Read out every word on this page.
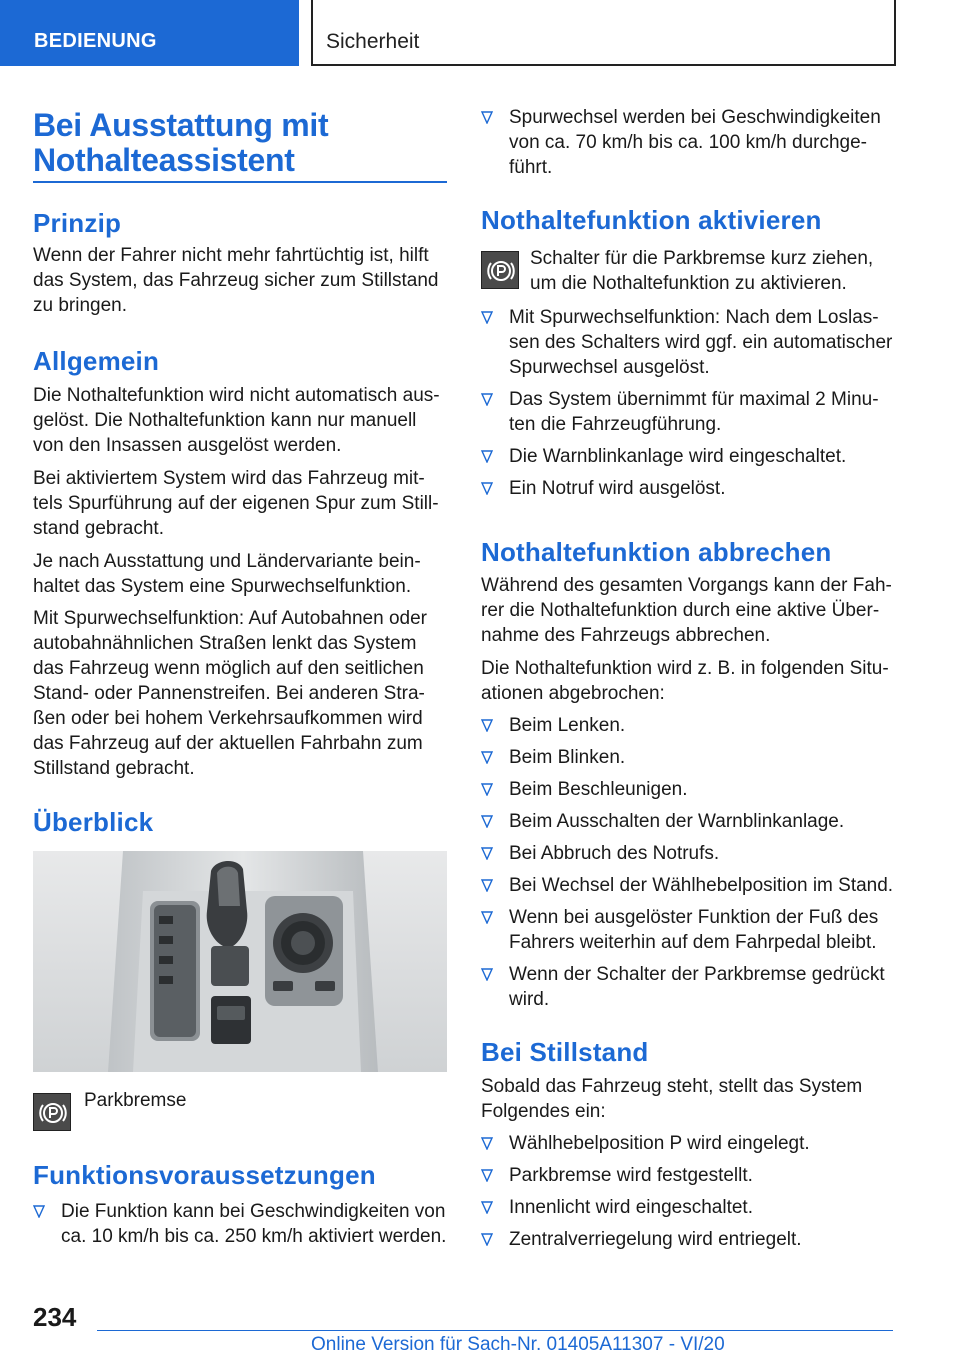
BEDIENUNG	Sicherheit
Bei Ausstattung mit
Nothalteassistent
Prinzip
Wenn der Fahrer nicht mehr fahrtüchtig ist, hilft
das System, das Fahrzeug sicher zum Stillstand
zu bringen.
Allgemein
Die Nothaltefunktion wird nicht automatisch aus-
gelöst. Die Nothaltefunktion kann nur manuell
von den Insassen ausgelöst werden.
Bei aktiviertem System wird das Fahrzeug mit-
tels Spurführung auf der eigenen Spur zum Still-
stand gebracht.
Je nach Ausstattung und Ländervariante bein-
haltet das System eine Spurwechselfunktion.
Mit Spurwechselfunktion: Auf Autobahnen oder
autobahnähnlichen Straßen lenkt das System
das Fahrzeug wenn möglich auf den seitlichen
Stand- oder Pannenstreifen. Bei anderen Stra-
ßen oder bei hohem Verkehrsaufkommen wird
das Fahrzeug auf der aktuellen Fahrbahn zum
Stillstand gebracht.
Überblick
Parkbremse
Funktionsvoraussetzungen
Die Funktion kann bei Geschwindigkeiten von
ca. 10 km/h bis ca. 250 km/h aktiviert werden.
Spurwechsel werden bei Geschwindigkeiten
von ca. 70 km/h bis ca. 100 km/h durchge-
führt.
Nothaltefunktion aktivieren
Schalter für die Parkbremse kurz ziehen,
um die Nothaltefunktion zu aktivieren.
Mit Spurwechselfunktion: Nach dem Loslas-
sen des Schalters wird ggf. ein automatischer
Spurwechsel ausgelöst.
Das System übernimmt für maximal 2 Minu-
ten die Fahrzeugführung.
Die Warnblinkanlage wird eingeschaltet.
Ein Notruf wird ausgelöst.
Nothaltefunktion abbrechen
Während des gesamten Vorgangs kann der Fah-
rer die Nothaltefunktion durch eine aktive Über-
nahme des Fahrzeugs abbrechen.
Die Nothaltefunktion wird z. B. in folgenden Situ-
ationen abgebrochen:
Beim Lenken.
Beim Blinken.
Beim Beschleunigen.
Beim Ausschalten der Warnblinkanlage.
Bei Abbruch des Notrufs.
Bei Wechsel der Wählhebelposition im Stand.
Wenn bei ausgelöster Funktion der Fuß des
Fahrers weiterhin auf dem Fahrpedal bleibt.
Wenn der Schalter der Parkbremse gedrückt
wird.
Bei Stillstand
Sobald das Fahrzeug steht, stellt das System
Folgendes ein:
Wählhebelposition P wird eingelegt.
Parkbremse wird festgestellt.
Innenlicht wird eingeschaltet.
Zentralverriegelung wird entriegelt.
234
Online Version für Sach-Nr. 01405A11307 - VI/20
